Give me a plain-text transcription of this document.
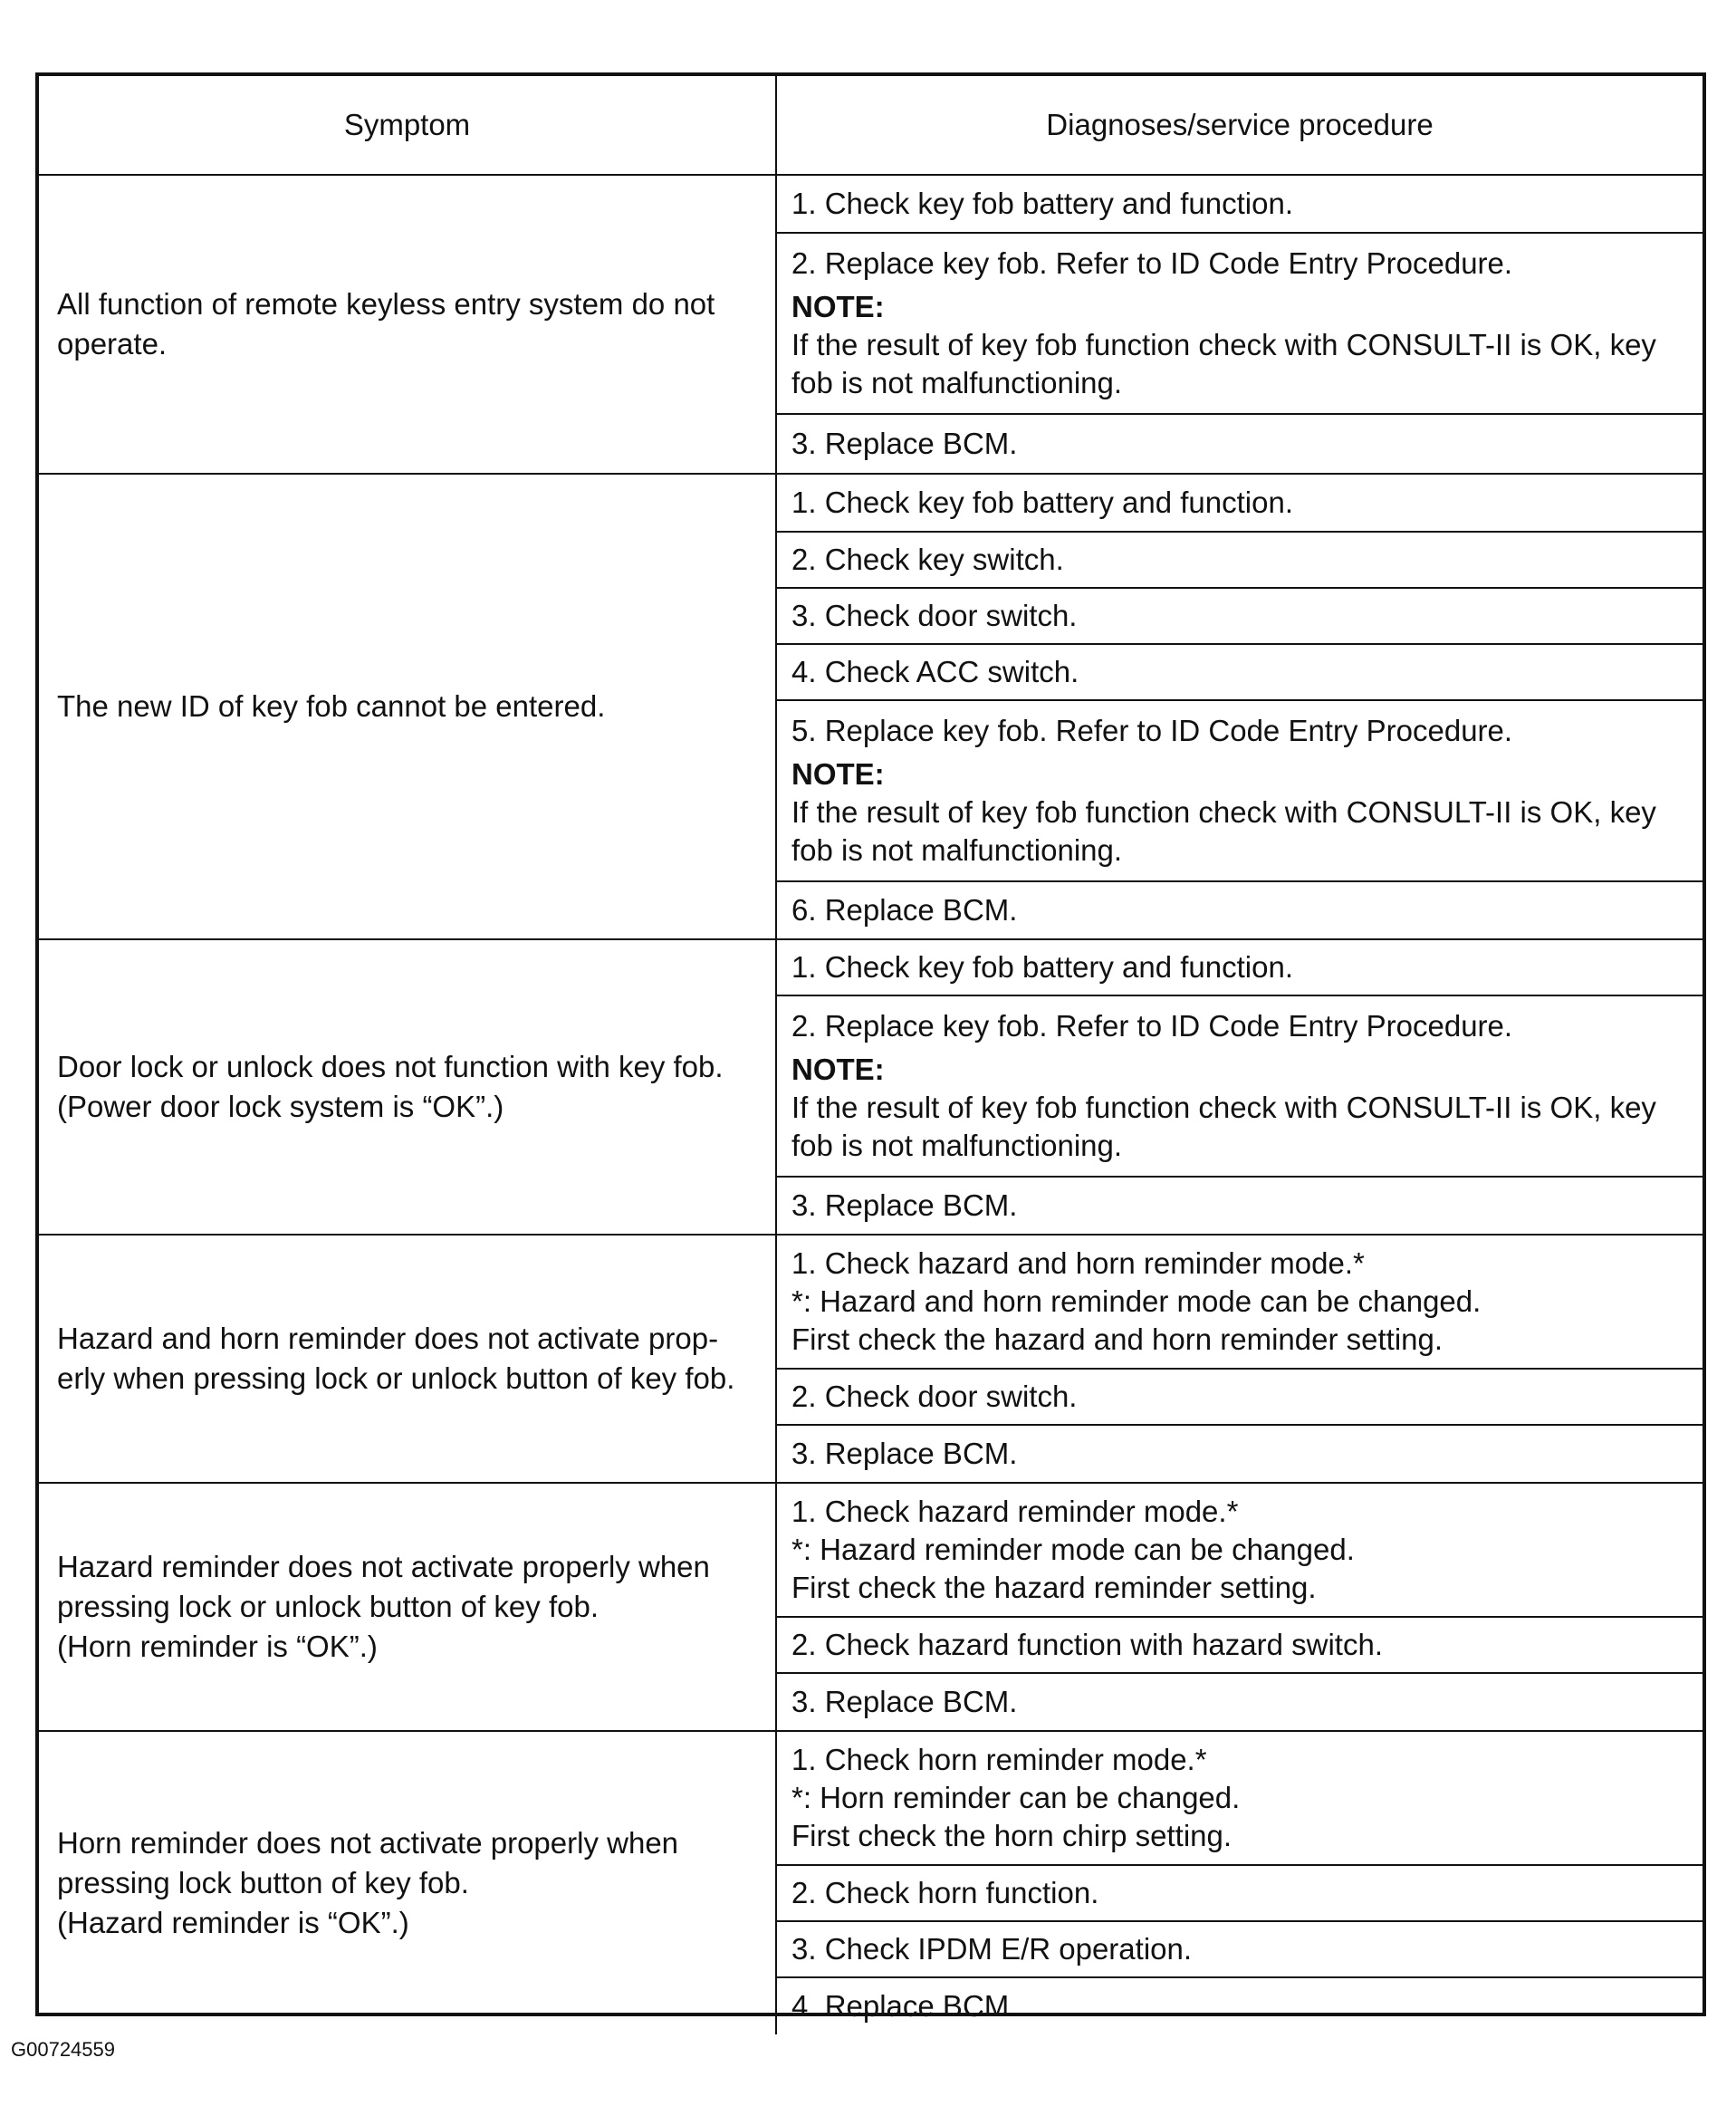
Symptom	Diagnoses/service procedure
All function of remote keyless entry system do not
operate.
1. Check key fob battery and function.
2. Replace key fob. Refer to ID Code Entry Procedure.
NOTE:
If the result of key fob function check with CONSULT-II is OK, key
fob is not malfunctioning.
3. Replace BCM.
The new ID of key fob cannot be entered.
1. Check key fob battery and function.
2. Check key switch.
3. Check door switch.
4. Check ACC switch.
5. Replace key fob. Refer to ID Code Entry Procedure.
NOTE:
If the result of key fob function check with CONSULT-II is OK, key
fob is not malfunctioning.
6. Replace BCM.
Door lock or unlock does not function with key fob.
(Power door lock system is “OK”.)
1. Check key fob battery and function.
2. Replace key fob. Refer to ID Code Entry Procedure.
NOTE:
If the result of key fob function check with CONSULT-II is OK, key
fob is not malfunctioning.
3. Replace BCM.
Hazard and horn reminder does not activate prop-
erly when pressing lock or unlock button of key fob.
1. Check hazard and horn reminder mode.*
*: Hazard and horn reminder mode can be changed.
First check the hazard and horn reminder setting.
2. Check door switch.
3. Replace BCM.
Hazard reminder does not activate properly when
pressing lock or unlock button of key fob.
(Horn reminder is “OK”.)
1. Check hazard reminder mode.*
*: Hazard reminder mode can be changed.
First check the hazard reminder setting.
2. Check hazard function with hazard switch.
3. Replace BCM.
Horn reminder does not activate properly when
pressing lock button of key fob.
(Hazard reminder is “OK”.)
1. Check horn reminder mode.*
*: Horn reminder can be changed.
First check the horn chirp setting.
2. Check horn function.
3. Check IPDM E/R operation.
4. Replace BCM.
G00724559
